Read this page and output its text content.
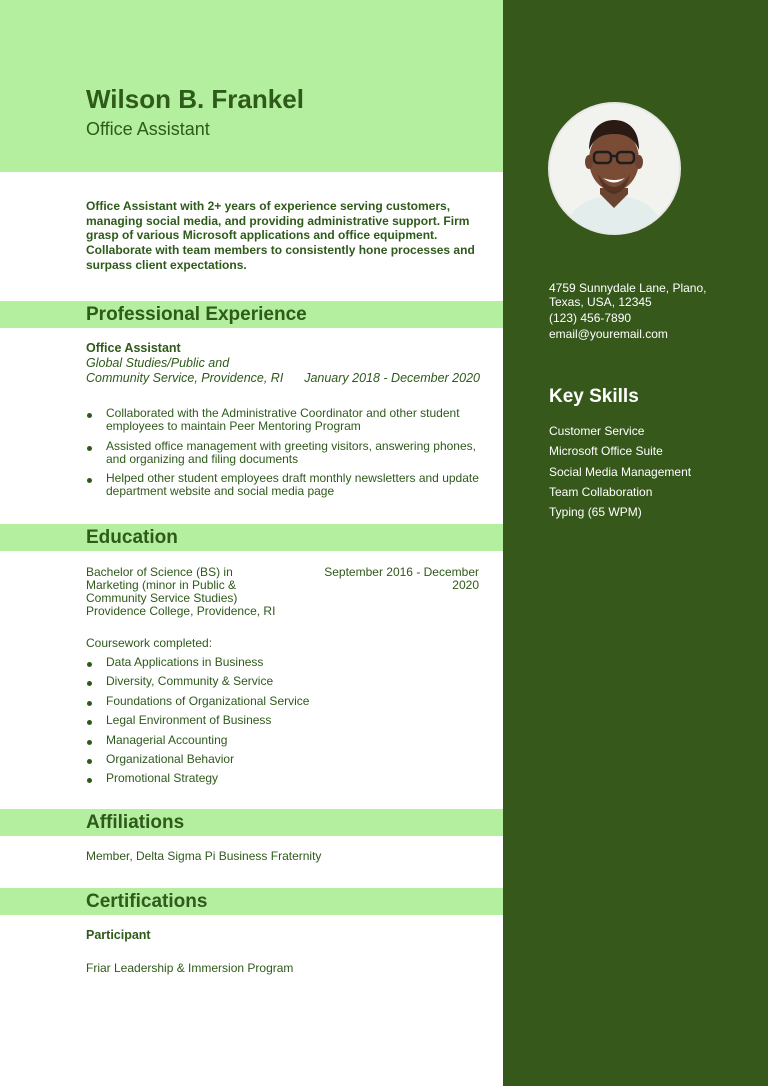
Wilson B. Frankel
Office Assistant
Office Assistant with 2+ years of experience serving customers, managing social media, and providing administrative support. Firm grasp of various Microsoft applications and office equipment. Collaborate with team members to consistently hone processes and surpass client expectations.
Professional Experience
Office Assistant
Global Studies/Public and Community Service, Providence, RI	January 2018 - December 2020
Collaborated with the Administrative Coordinator and other student employees to maintain Peer Mentoring Program
Assisted office management with greeting visitors, answering phones, and organizing and filing documents
Helped other student employees draft monthly newsletters and update department website and social media page
Education
Bachelor of Science (BS) in Marketing (minor in Public & Community Service Studies)
September 2016 - December 2020
Providence College, Providence, RI
Coursework completed:
Data Applications in Business
Diversity, Community & Service
Foundations of Organizational Service
Legal Environment of Business
Managerial Accounting
Organizational Behavior
Promotional Strategy
Affiliations
Member, Delta Sigma Pi Business Fraternity
Certifications
Participant
Friar Leadership & Immersion Program
4759 Sunnydale Lane, Plano,
Texas, USA, 12345
(123) 456-7890
email@youremail.com
Key Skills
Customer Service
Microsoft Office Suite
Social Media Management
Team Collaboration
Typing (65 WPM)
